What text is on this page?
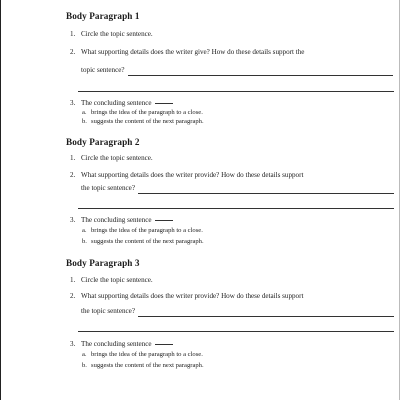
Body Paragraph 1
1. Circle the topic sentence.
2. What supporting details does the writer give? How do these details support the
topic sentence?
3. The concluding sentence
a. brings the idea of the paragraph to a close.
b. suggests the content of the next paragraph.
Body Paragraph 2
1. Circle the topic sentence.
2. What supporting details does the writer provide? How do these details support
the topic sentence?
3. The concluding sentence
a. brings the idea of the paragraph to a close.
b. suggests the content of the next paragraph.
Body Paragraph 3
1. Circle the topic sentence.
2. What supporting details does the writer provide? How do these details support
the topic sentence?
3. The concluding sentence
a. brings the idea of the paragraph to a close.
b. suggests the content of the next paragraph.
